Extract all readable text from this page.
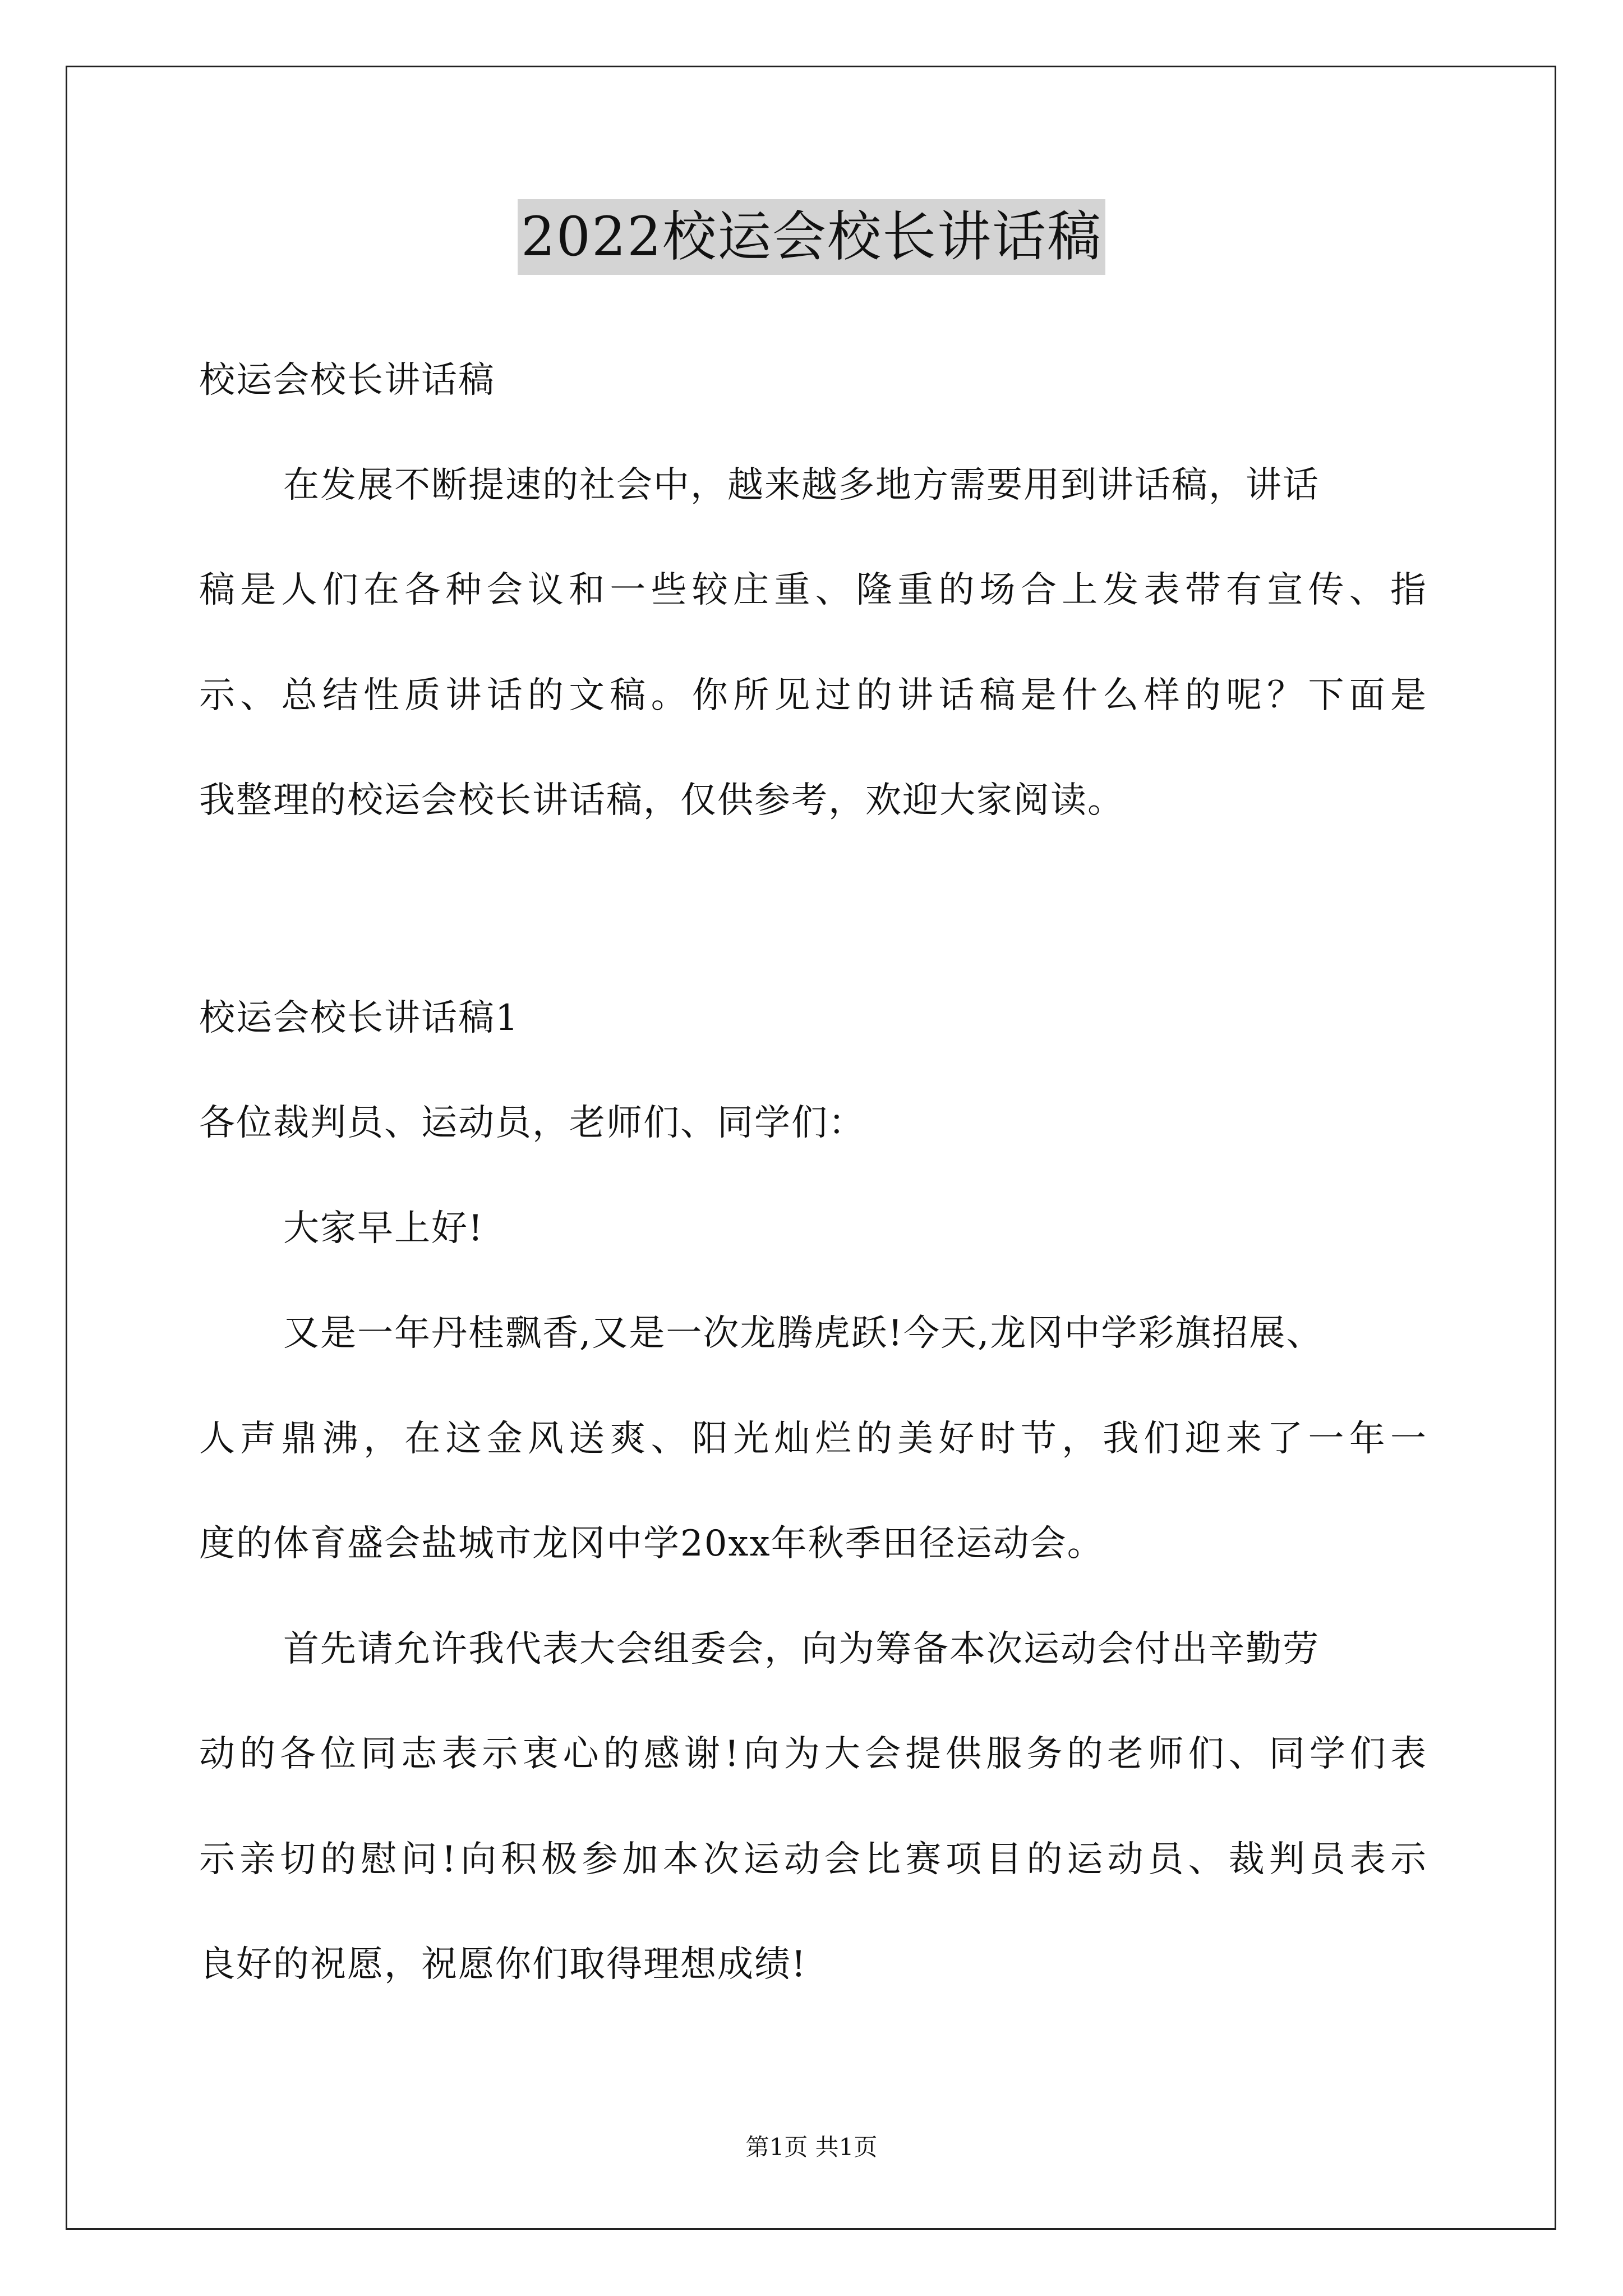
2022校运会校长讲话稿
校运会校长讲话稿
在发展不断提速的社会中，越来越多地方需要用到讲话稿，讲话
稿是人们在各种会议和一些较庄重、隆重的场合上发表带有宣传、指
示、总结性质讲话的文稿。你所见过的讲话稿是什么样的呢？下面是
我整理的校运会校长讲话稿，仅供参考，欢迎大家阅读。
校运会校长讲话稿1
各位裁判员、运动员，老师们、同学们：
大家早上好!
又是一年丹桂飘香,又是一次龙腾虎跃!今天,龙冈中学彩旗招展、
人声鼎沸，在这金风送爽、阳光灿烂的美好时节，我们迎来了一年一
度的体育盛会盐城市龙冈中学20xx年秋季田径运动会。
首先请允许我代表大会组委会，向为筹备本次运动会付出辛勤劳
动的各位同志表示衷心的感谢!向为大会提供服务的老师们、同学们表
示亲切的慰问!向积极参加本次运动会比赛项目的运动员、裁判员表示
良好的祝愿，祝愿你们取得理想成绩!
第1页 共1页
